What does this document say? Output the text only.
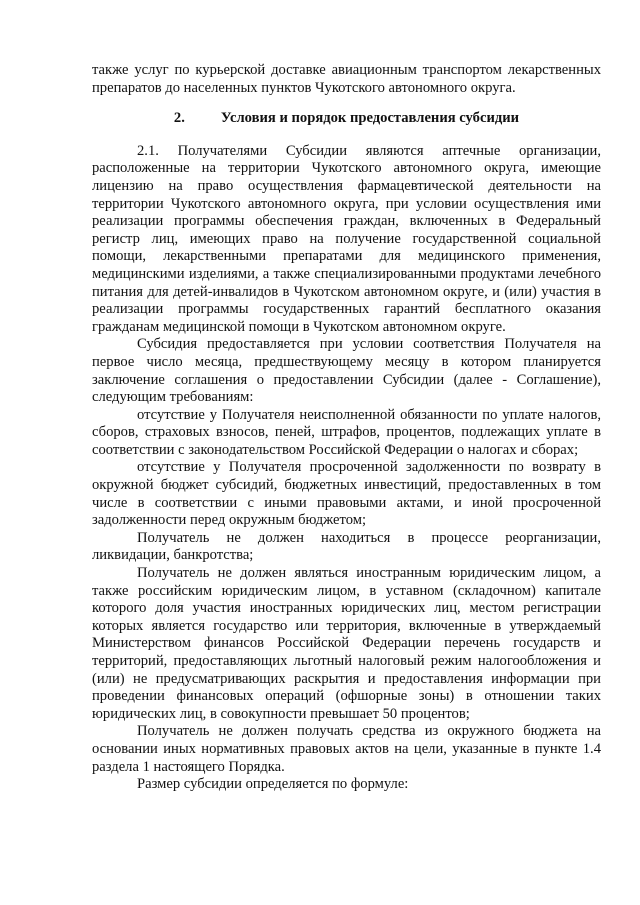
также услуг по курьерской доставке авиационным транспортом лекарственных препаратов до населенных пунктов Чукотского автономного округа.

2. Условия и порядок предоставления субсидии

2.1. Получателями Субсидии являются аптечные организации, расположенные на территории Чукотского автономного округа, имеющие лицензию на право осуществления фармацевтической деятельности на территории Чукотского автономного округа, при условии осуществления ими реализации программы обеспечения граждан, включенных в Федеральный регистр лиц, имеющих право на получение государственной социальной помощи, лекарственными препаратами для медицинского применения, медицинскими изделиями, а также специализированными продуктами лечебного питания для детей-инвалидов в Чукотском автономном округе, и (или) участия в реализации программы государственных гарантий бесплатного оказания гражданам медицинской помощи в Чукотском автономном округе.

Субсидия предоставляется при условии соответствия Получателя на первое число месяца, предшествующему месяцу в котором планируется заключение соглашения о предоставлении Субсидии (далее - Соглашение), следующим требованиям:

отсутствие у Получателя неисполненной обязанности по уплате налогов, сборов, страховых взносов, пеней, штрафов, процентов, подлежащих уплате в соответствии с законодательством Российской Федерации о налогах и сборах;

отсутствие у Получателя просроченной задолженности по возврату в окружной бюджет субсидий, бюджетных инвестиций, предоставленных в том числе в соответствии с иными правовыми актами, и иной просроченной задолженности перед окружным бюджетом;

Получатель не должен находиться в процессе реорганизации, ликвидации, банкротства;

Получатель не должен являться иностранным юридическим лицом, а также российским юридическим лицом, в уставном (складочном) капитале которого доля участия иностранных юридических лиц, местом регистрации которых является государство или территория, включенные в утверждаемый Министерством финансов Российской Федерации перечень государств и территорий, предоставляющих льготный налоговый режим налогообложения и (или) не предусматривающих раскрытия и предоставления информации при проведении финансовых операций (офшорные зоны) в отношении таких юридических лиц, в совокупности превышает 50 процентов;

Получатель не должен получать средства из окружного бюджета на основании иных нормативных правовых актов на цели, указанные в пункте 1.4 раздела 1 настоящего Порядка.

Размер субсидии определяется по формуле:
